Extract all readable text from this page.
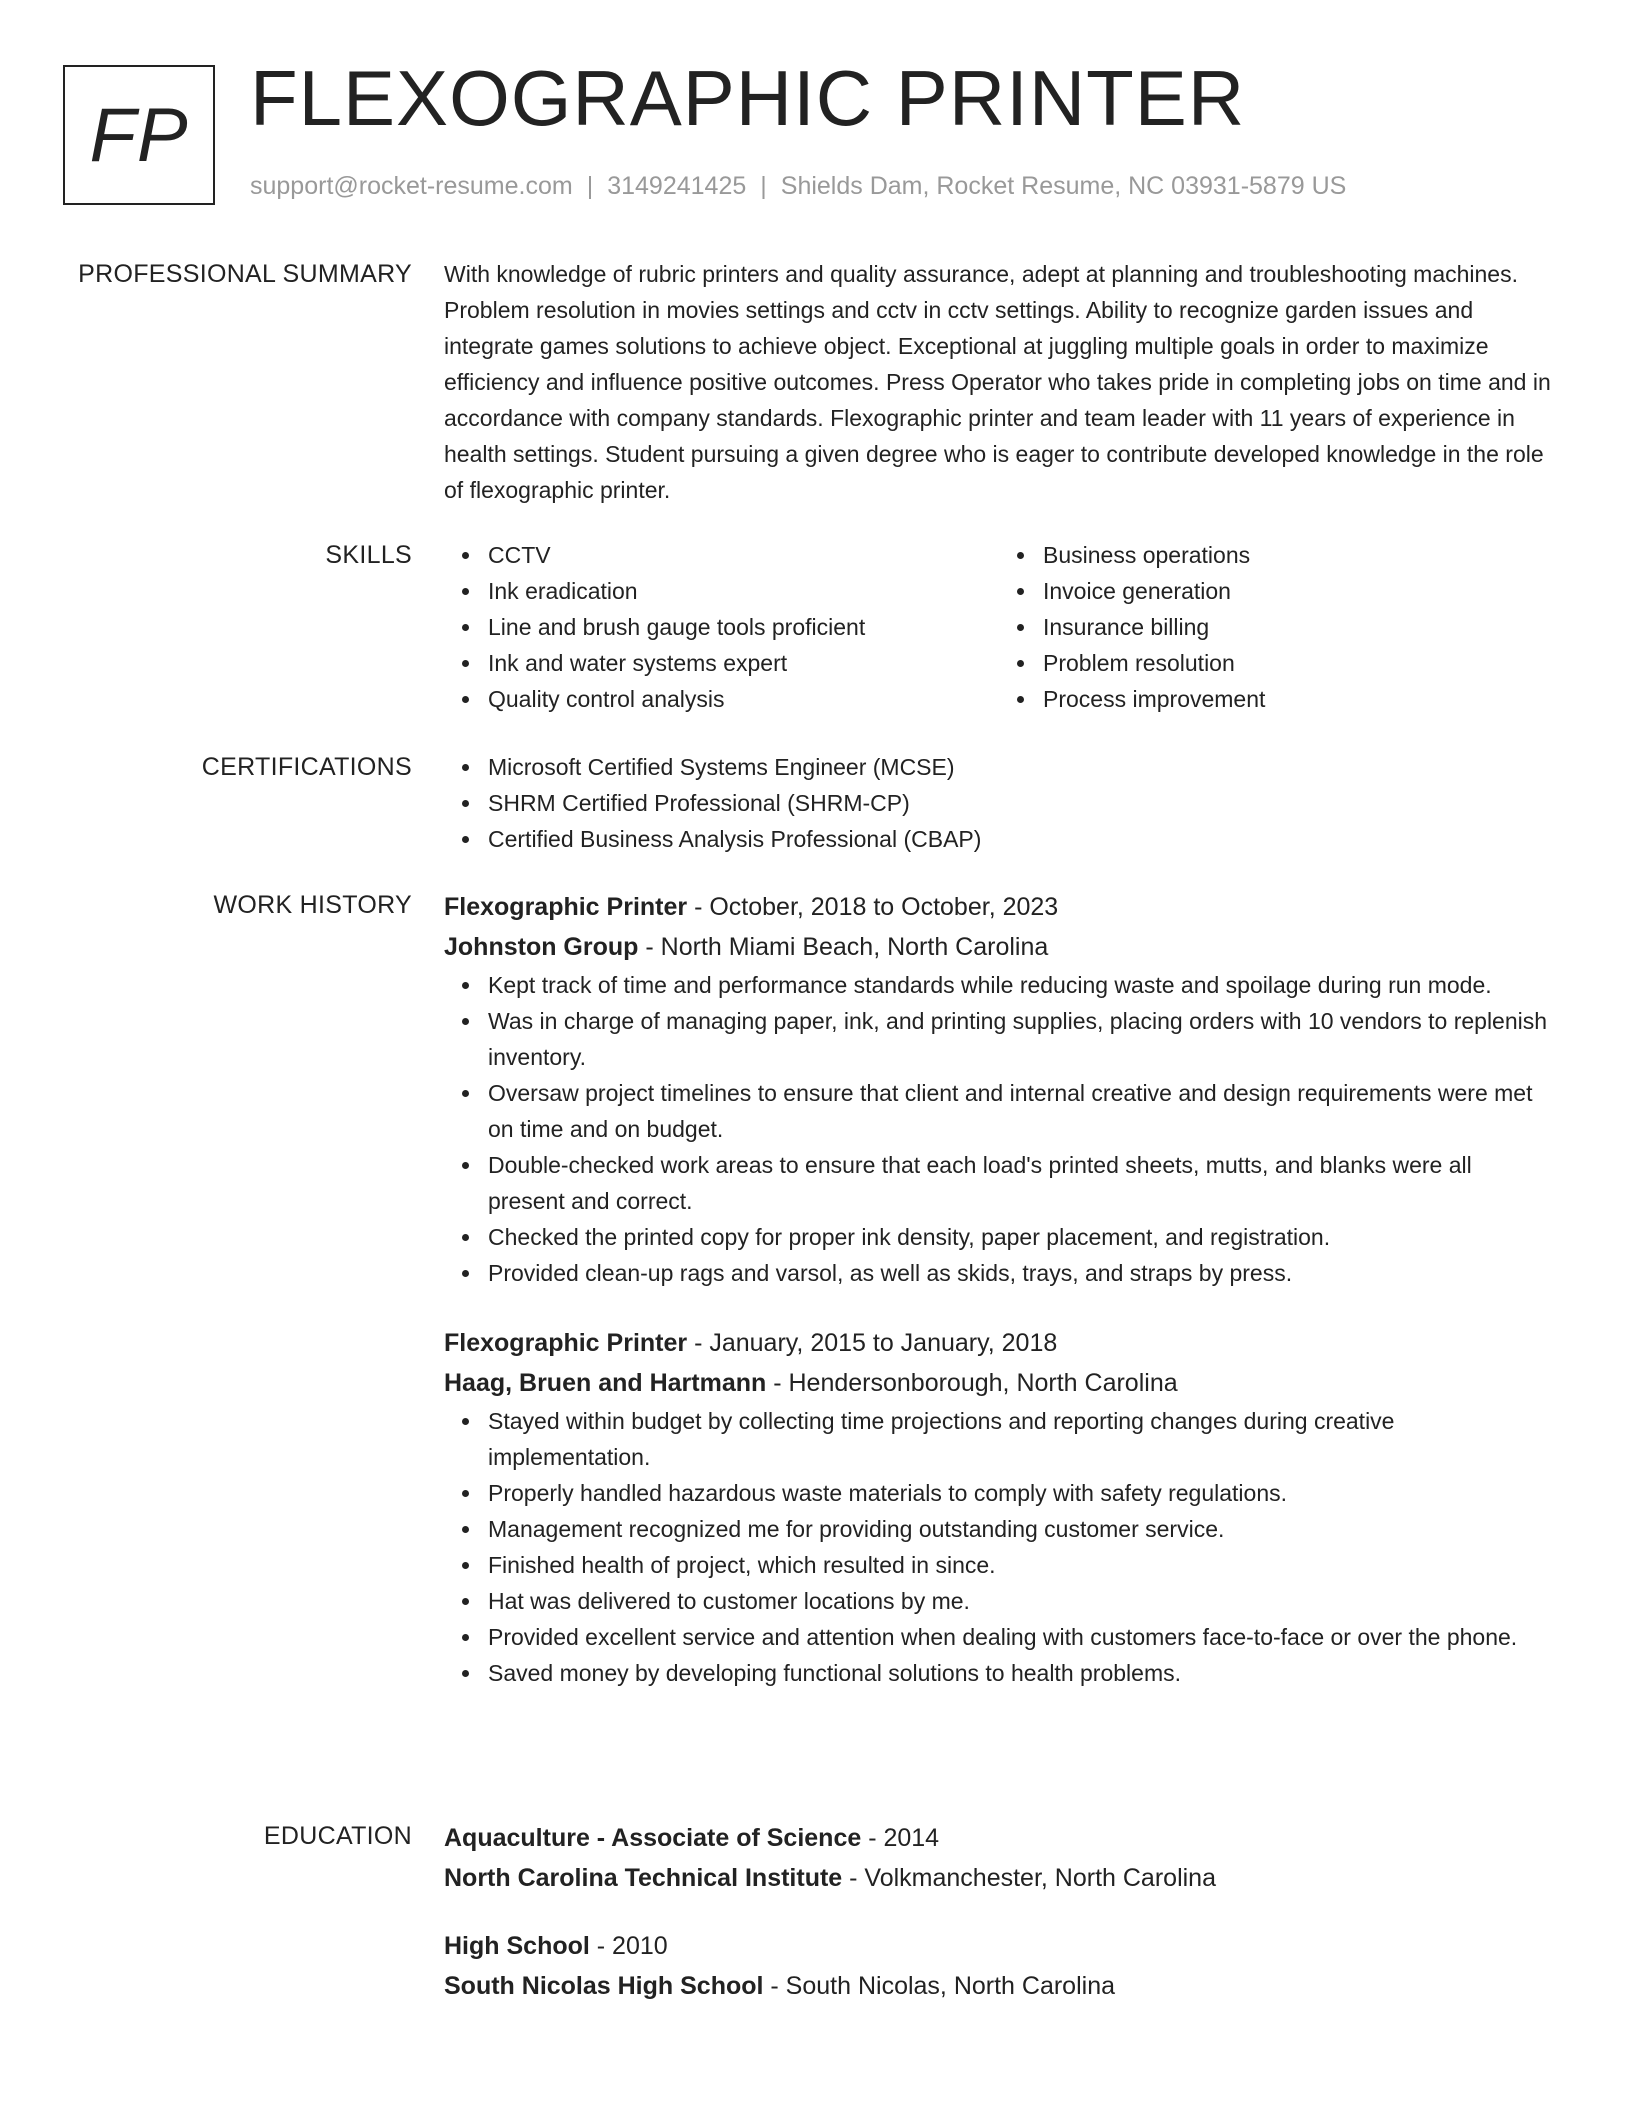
FP FLEXOGRAPHIC PRINTER
support@rocket-resume.com | 3149241425 | Shields Dam, Rocket Resume, NC 03931-5879 US
PROFESSIONAL SUMMARY With knowledge of rubric printers and quality assurance, adept at planning and troubleshooting machines. Problem resolution in movies settings and cctv in cctv settings. Ability to recognize garden issues and integrate games solutions to achieve object. Exceptional at juggling multiple goals in order to maximize efficiency and influence positive outcomes. Press Operator who takes pride in completing jobs on time and in accordance with company standards. Flexographic printer and team leader with 11 years of experience in health settings. Student pursuing a given degree who is eager to contribute developed knowledge in the role of flexographic printer.

SKILLS	CCTV
Ink eradication
Line and brush gauge tools proficient
Ink and water systems expert
Quality control analysis
Business operations
Invoice generation
Insurance billing
Problem resolution
Process improvement
CERTIFICATIONS	Microsoft Certified Systems Engineer (MCSE)
SHRM Certified Professional (SHRM-CP)
Certified Business Analysis Professional (CBAP)
WORK HISTORY Flexographic Printer - October, 2018 to October, 2023
Johnston Group - North Miami Beach, North Carolina
Kept track of time and performance standards while reducing waste and spoilage during run mode.
Was in charge of managing paper, ink, and printing supplies, placing orders with 10 vendors to replenish inventory.
Oversaw project timelines to ensure that client and internal creative and design requirements were met on time and on budget.
Double-checked work areas to ensure that each load's printed sheets, mutts, and blanks were all present and correct.
Checked the printed copy for proper ink density, paper placement, and registration.
Provided clean-up rags and varsol, as well as skids, trays, and straps by press.
Flexographic Printer - January, 2015 to January, 2018
Haag, Bruen and Hartmann - Hendersonborough, North Carolina
Stayed within budget by collecting time projections and reporting changes during creative implementation.
Properly handled hazardous waste materials to comply with safety regulations.
Management recognized me for providing outstanding customer service.
Finished health of project, which resulted in since.
Hat was delivered to customer locations by me.
Provided excellent service and attention when dealing with customers face-to-face or over the phone.
Saved money by developing functional solutions to health problems.
EDUCATION Aquaculture - Associate of Science - 2014
North Carolina Technical Institute - Volkmanchester, North Carolina
High School - 2010
South Nicolas High School - South Nicolas, North Carolina
